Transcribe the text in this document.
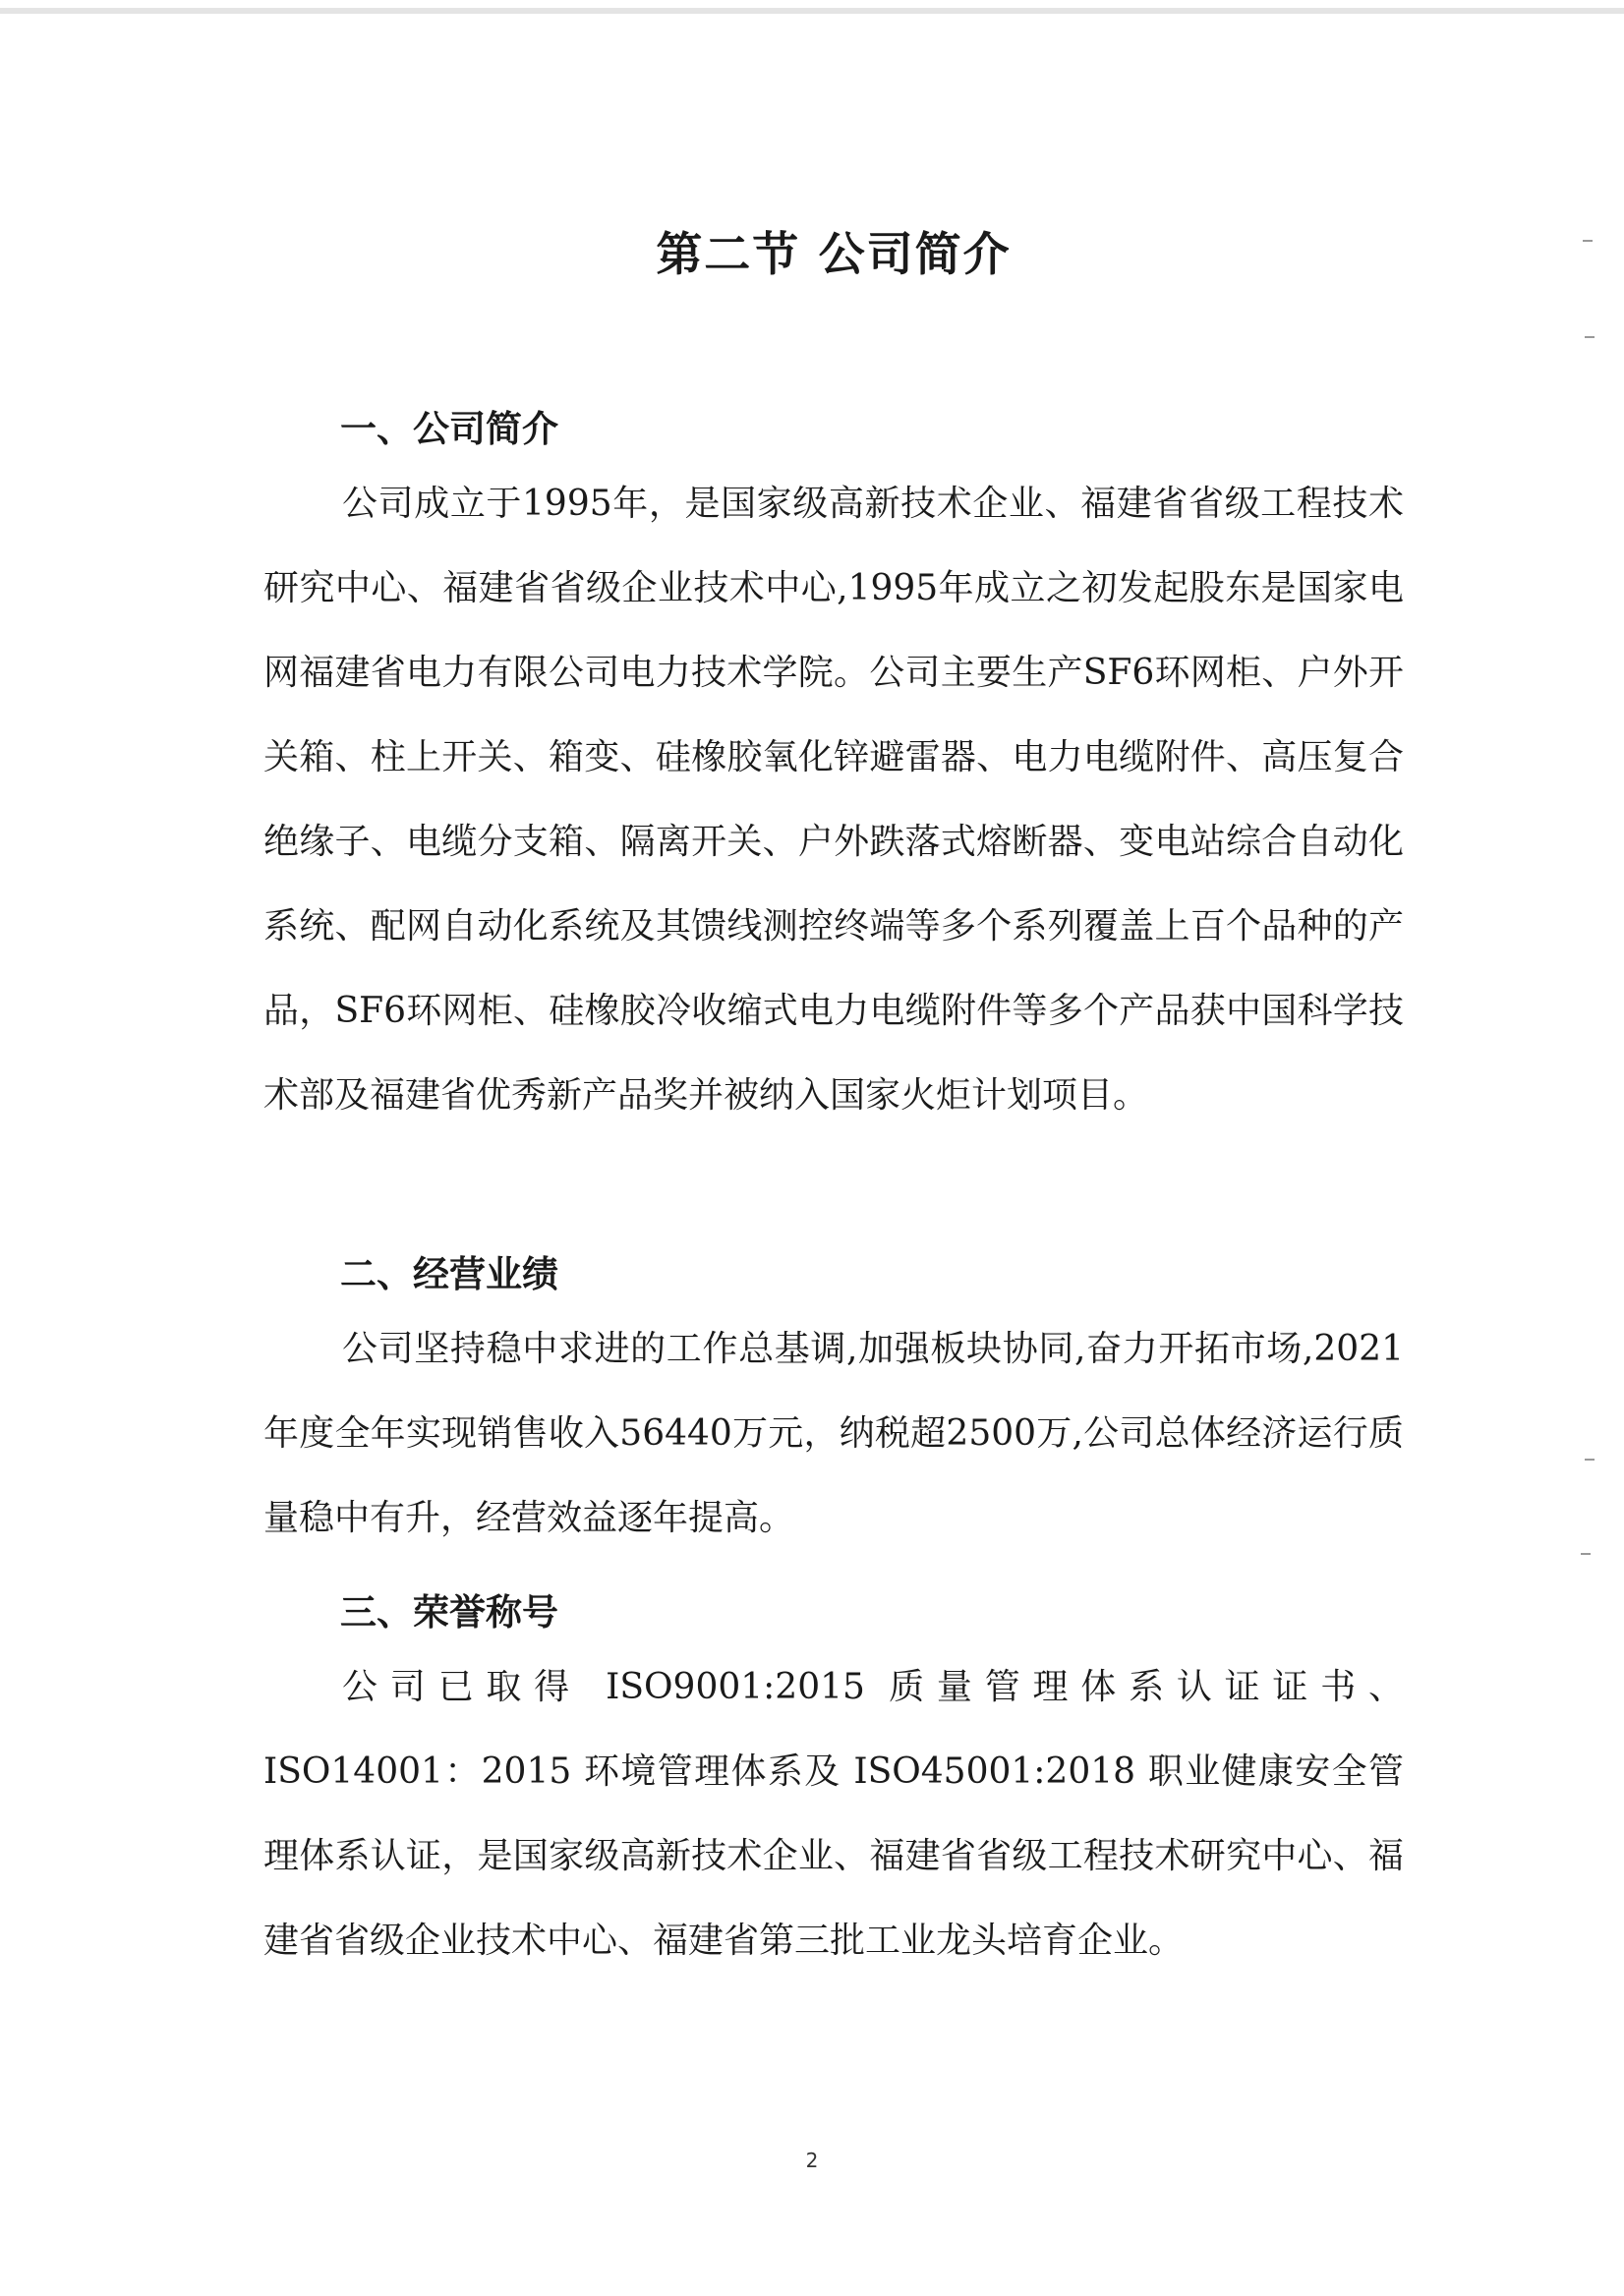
第二节 公司简介
一、公司简介

公司成立于1995年，是国家级高新技术企业、福建省省级工程技术研究中心、福建省省级企业技术中心,1995年成立之初发起股东是国家电网福建省电力有限公司电力技术学院。公司主要生产SF6环网柜、户外开关箱、柱上开关、箱变、硅橡胶氧化锌避雷器、电力电缆附件、高压复合绝缘子、电缆分支箱、隔离开关、户外跌落式熔断器、变电站综合自动化系统、配网自动化系统及其馈线测控终端等多个系列覆盖上百个品种的产品，SF6环网柜、硅橡胶冷收缩式电力电缆附件等多个产品获中国科学技术部及福建省优秀新产品奖并被纳入国家火炬计划项目。

二、经营业绩

公司坚持稳中求进的工作总基调,加强板块协同,奋力开拓市场,2021年度全年实现销售收入56440万元，纳税超2500万,公司总体经济运行质量稳中有升，经营效益逐年提高。

三、荣誉称号

公司已取得 ISO9001:2015 质量管理体系认证证书、ISO14001：2015 环境管理体系及 ISO45001:2018 职业健康安全管理体系认证，是国家级高新技术企业、福建省省级工程技术研究中心、福建省省级企业技术中心、福建省第三批工业龙头培育企业。

2
